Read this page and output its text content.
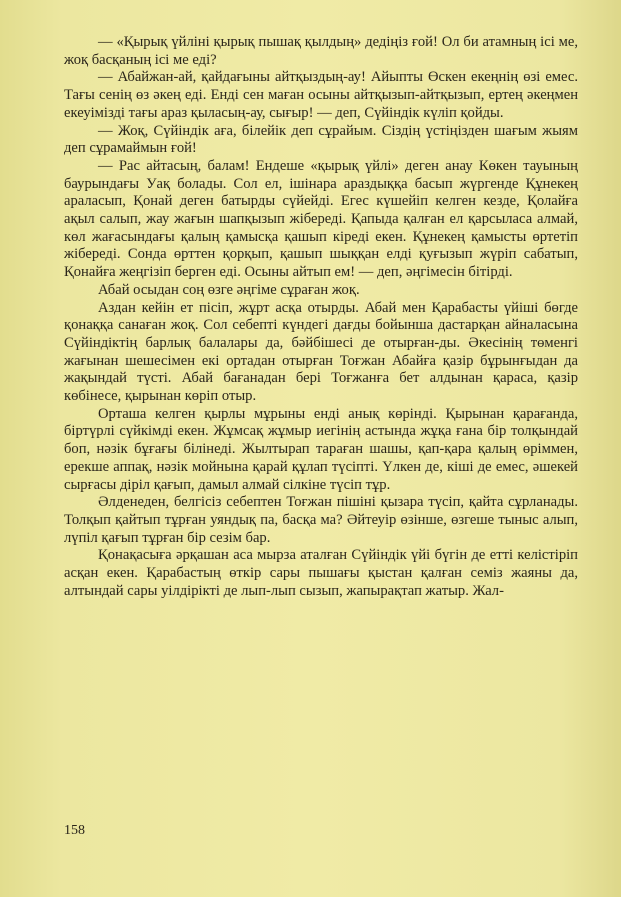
— «Қырық үйлiнi қырық пышақ қылдың» дедiңiз ғой! Ол би атамның iсi ме, жоқ басқаның iсi ме едi?

— Абайжан-ай, қайдағыны айтқыздың-ау! Айыпты Өскен екеңнiң өзi емес. Тағы сенiң өз әкең едi. Ендi сен маған осыны айтқызып-айтқызып, ертең әкеңмен екеуiмiздi тағы араз қыласың-ау, сығыр! — деп, Сүйiндiк күлiп қойды.

— Жоқ, Сүйiндiк аға, бiлейiк деп сұрайым. Сiздiң үстiңiзден шағым жыям деп сұрамаймын ғой!

— Рас айтасың, балам! Ендеше «қырық үйлi» деген анау Көкен тауының баурындағы Уақ болады. Сол ел, iшiнара араздыққа басып жүргенде Құнекең араласып, Қонай деген батырды сүйейдi. Егес күшейiп келген кезде, Қолайға ақыл салып, жау жағын шапқызып жiбередi. Қапыда қалған ел қарсыласа алмай, көл жағасындағы қалың қамысқа қашып кiредi екен. Құнекең қамысты өртетiп жiбередi. Сонда өрттен қорқып, қашып шыққан елдi қуғызып жүрiп сабатып, Қонайға жеңгiзiп берген едi. Осыны айтып ем! — деп, әңгiмесiн бiтiрдi.

Абай осыдан соң өзге әңгiме сұраған жоқ.

Аздан кейiн ет пiсiп, жұрт асқа отырды. Абай мен Қарабасты үйiшi бөгде қонаққа санаған жоқ. Сол себептi күндегi дағды бойынша дастарқан айналасына Сүйiндiктiң барлық балалары да, бәйбiшесi де отырған-ды. Әкесiнiң төменгi жағынан шешесiмен екi ортадан отырған Тоғжан Абайға қазiр бұрынғыдан да жақындай түстi. Абай бағанадан берi Тоғжанға бет алдынан қараса, қазiр көбiнесе, қырынан көрiп отыр.

Орташа келген қырлы мұрыны ендi анық көрiндi. Қырынан қарағанда, бiртүрлi сүйкiмдi екен. Жұмсақ жұмыр иегiнiң астында жұқа ғана бiр толқындай боп, нәзiк бұғағы бiлiнедi. Жылтырап тараған шашы, қап-қара қалың өрiммен, ерекше аппақ, нәзiк мойнына қарай құлап түсiптi. Үлкен де, кiшi де емес, әшекей сырғасы дiрiл қағып, дамыл алмай сiлкiне түсiп тұр.

Әлденеден, белгiсiз себептен Тоғжан пiшiнi қызара түсiп, қайта сұрланады. Толқып қайтып тұрған уяндық па, басқа ма? Әйтеуiр өзiнше, өзгеше тыныс алып, лүпiл қағып тұрған бiр сезiм бар.

Қонақасыға әрқашан аса мырза аталған Сүйiндiк үйi бүгiн де еттi келiстiрiп асқан екен. Қарабастың өткiр сары пышағы қыстан қалған семiз жаяны да, алтындай сары уiлдiрiктi де лып-лып сызып, жапырақтап жатыр. Жал-

158
